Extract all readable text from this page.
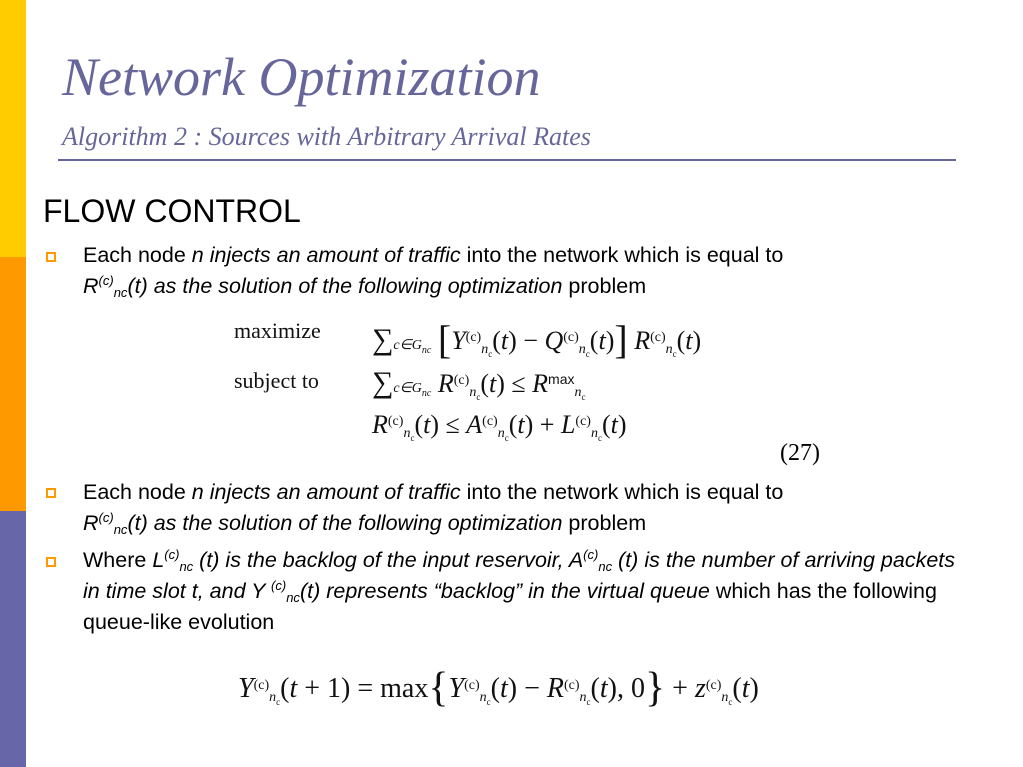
Network Optimization
Algorithm 2 : Sources with Arbitrary Arrival Rates
FLOW CONTROL
Each node n injects an amount of traffic into the network which is equal to
$R^{(c)}_{nc}(t)$ as the solution of the following optimization problem
maximize
subject to
$\sum c\in G_{nc}$ $[Y^{(c)}_{n_c}(t) - Q^{(c)}_{n_c}(t)]$ $R^{(c)}_{n_c}(t)$
$\sum c\in G_{nc}$ $R^{(c)}_{n_c}(t) \le R^{max}_{n_c}$
$R^{(c)}_{n_c}(t) \le A^{(c)}_{n_c}(t) + L^{(c)}_{n_c}(t)$
(27)
Each node n injects an amount of traffic into the network which is equal to
$R^{(c)}_{nc}(t)$ as the solution of the following optimization problem
Where $L^{(c)}_{nc}$ (t) is the backlog of the input reservoir, $A^{(c)}_{nc}$ (t) is the number of arriving packets in time slot t, and Y $^{(c)}_{nc}$(t) represents “backlog” in the virtual queue which has the following queue-like evolution
$Y^{(c)}_{n_c}(t + 1) = \max\{Y^{(c)}_{n_c}(t) - R^{(c)}_{n_c}(t)$, $0\} + z^{(c)}_{n_c}(t)$
